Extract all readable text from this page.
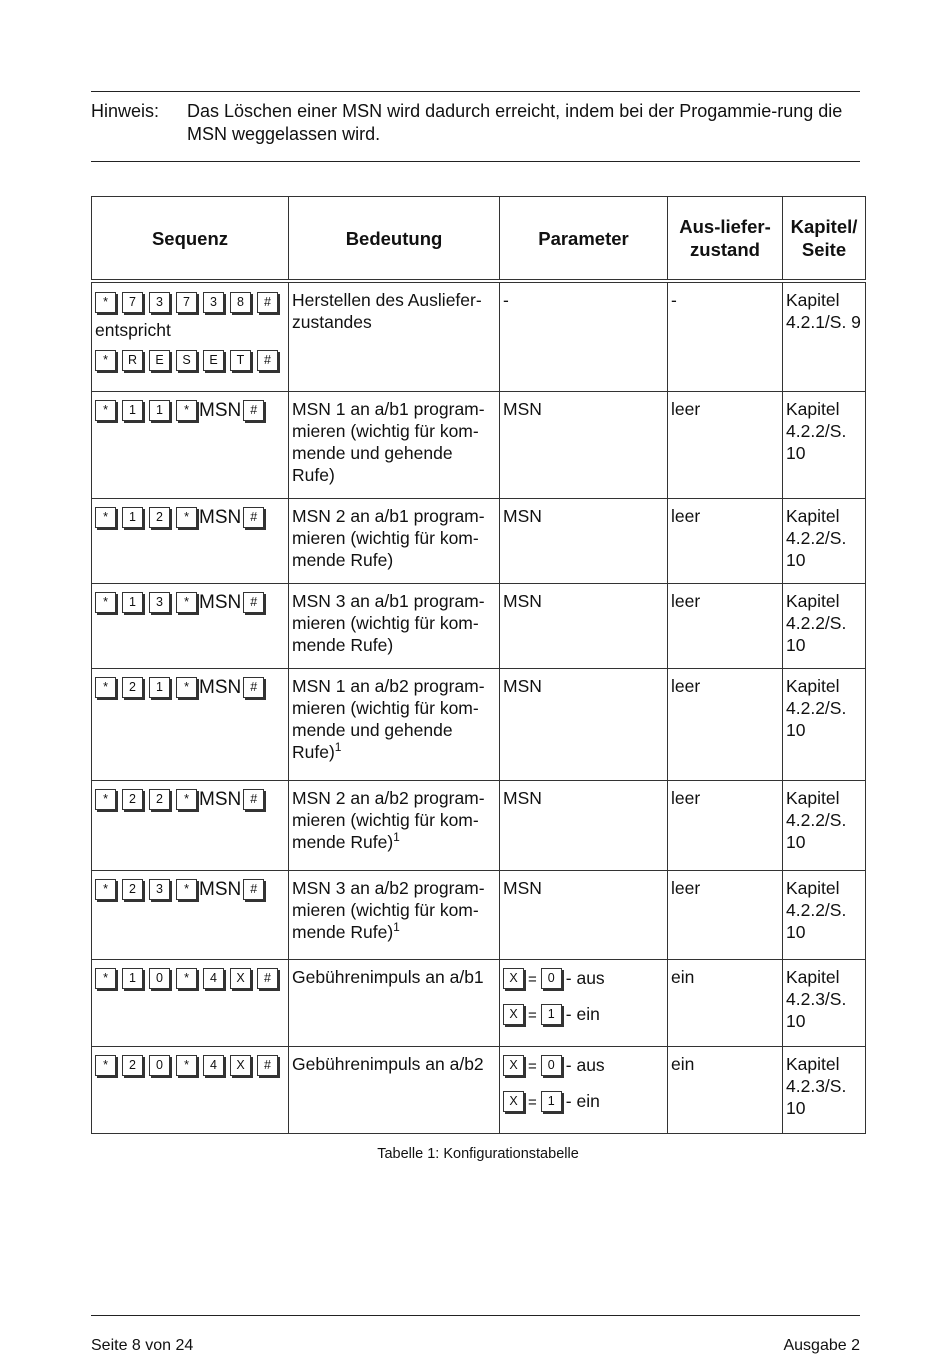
Hinweis: Das Löschen einer MSN wird dadurch erreicht, indem bei der Progammie-rung die MSN weggelassen wird.
Sequenz	Bedeutung	Parameter	Aus-liefer-zustand	Kapitel/ Seite

* 7 3 7 3 8 #
entspricht
* R E S E T #	Herstellen des Ausliefer-zustandes	-	-	Kapitel 4.2.1/S. 9

* 1 1 * MSN #	MSN 1 an a/b1 program-mieren (wichtig für kom-mende und gehende Rufe)	MSN	leer	Kapitel 4.2.2/S. 10

* 1 2 * MSN #	MSN 2 an a/b1 program-mieren (wichtig für kom-mende Rufe)	MSN	leer	Kapitel 4.2.2/S. 10

* 1 3 * MSN #	MSN 3 an a/b1 program-mieren (wichtig für kom-mende Rufe)	MSN	leer	Kapitel 4.2.2/S. 10

* 2 1 * MSN #	MSN 1 an a/b2 program-mieren (wichtig für kom-mende und gehende Rufe)$^1$	MSN	leer	Kapitel 4.2.2/S. 10

* 2 2 * MSN #	MSN 2 an a/b2 program-mieren (wichtig für kom-mende Rufe)$^1$	MSN	leer	Kapitel 4.2.2/S. 10

* 2 3 * MSN #	MSN 3 an a/b2 program-mieren (wichtig für kom-mende Rufe)$^1$	MSN	leer	Kapitel 4.2.2/S. 10

* 1 0 * 4 X #	Gebührenimpuls an a/b1	X = 0 - aus
X = 1 - ein	ein	Kapitel 4.2.3/S. 10

* 2 0 * 4 X #	Gebührenimpuls an a/b2	X = 0 - aus
X = 1 - ein	ein	Kapitel 4.2.3/S. 10
Tabelle 1: Konfigurationstabelle
Seite 8 von 24	Ausgabe 2
